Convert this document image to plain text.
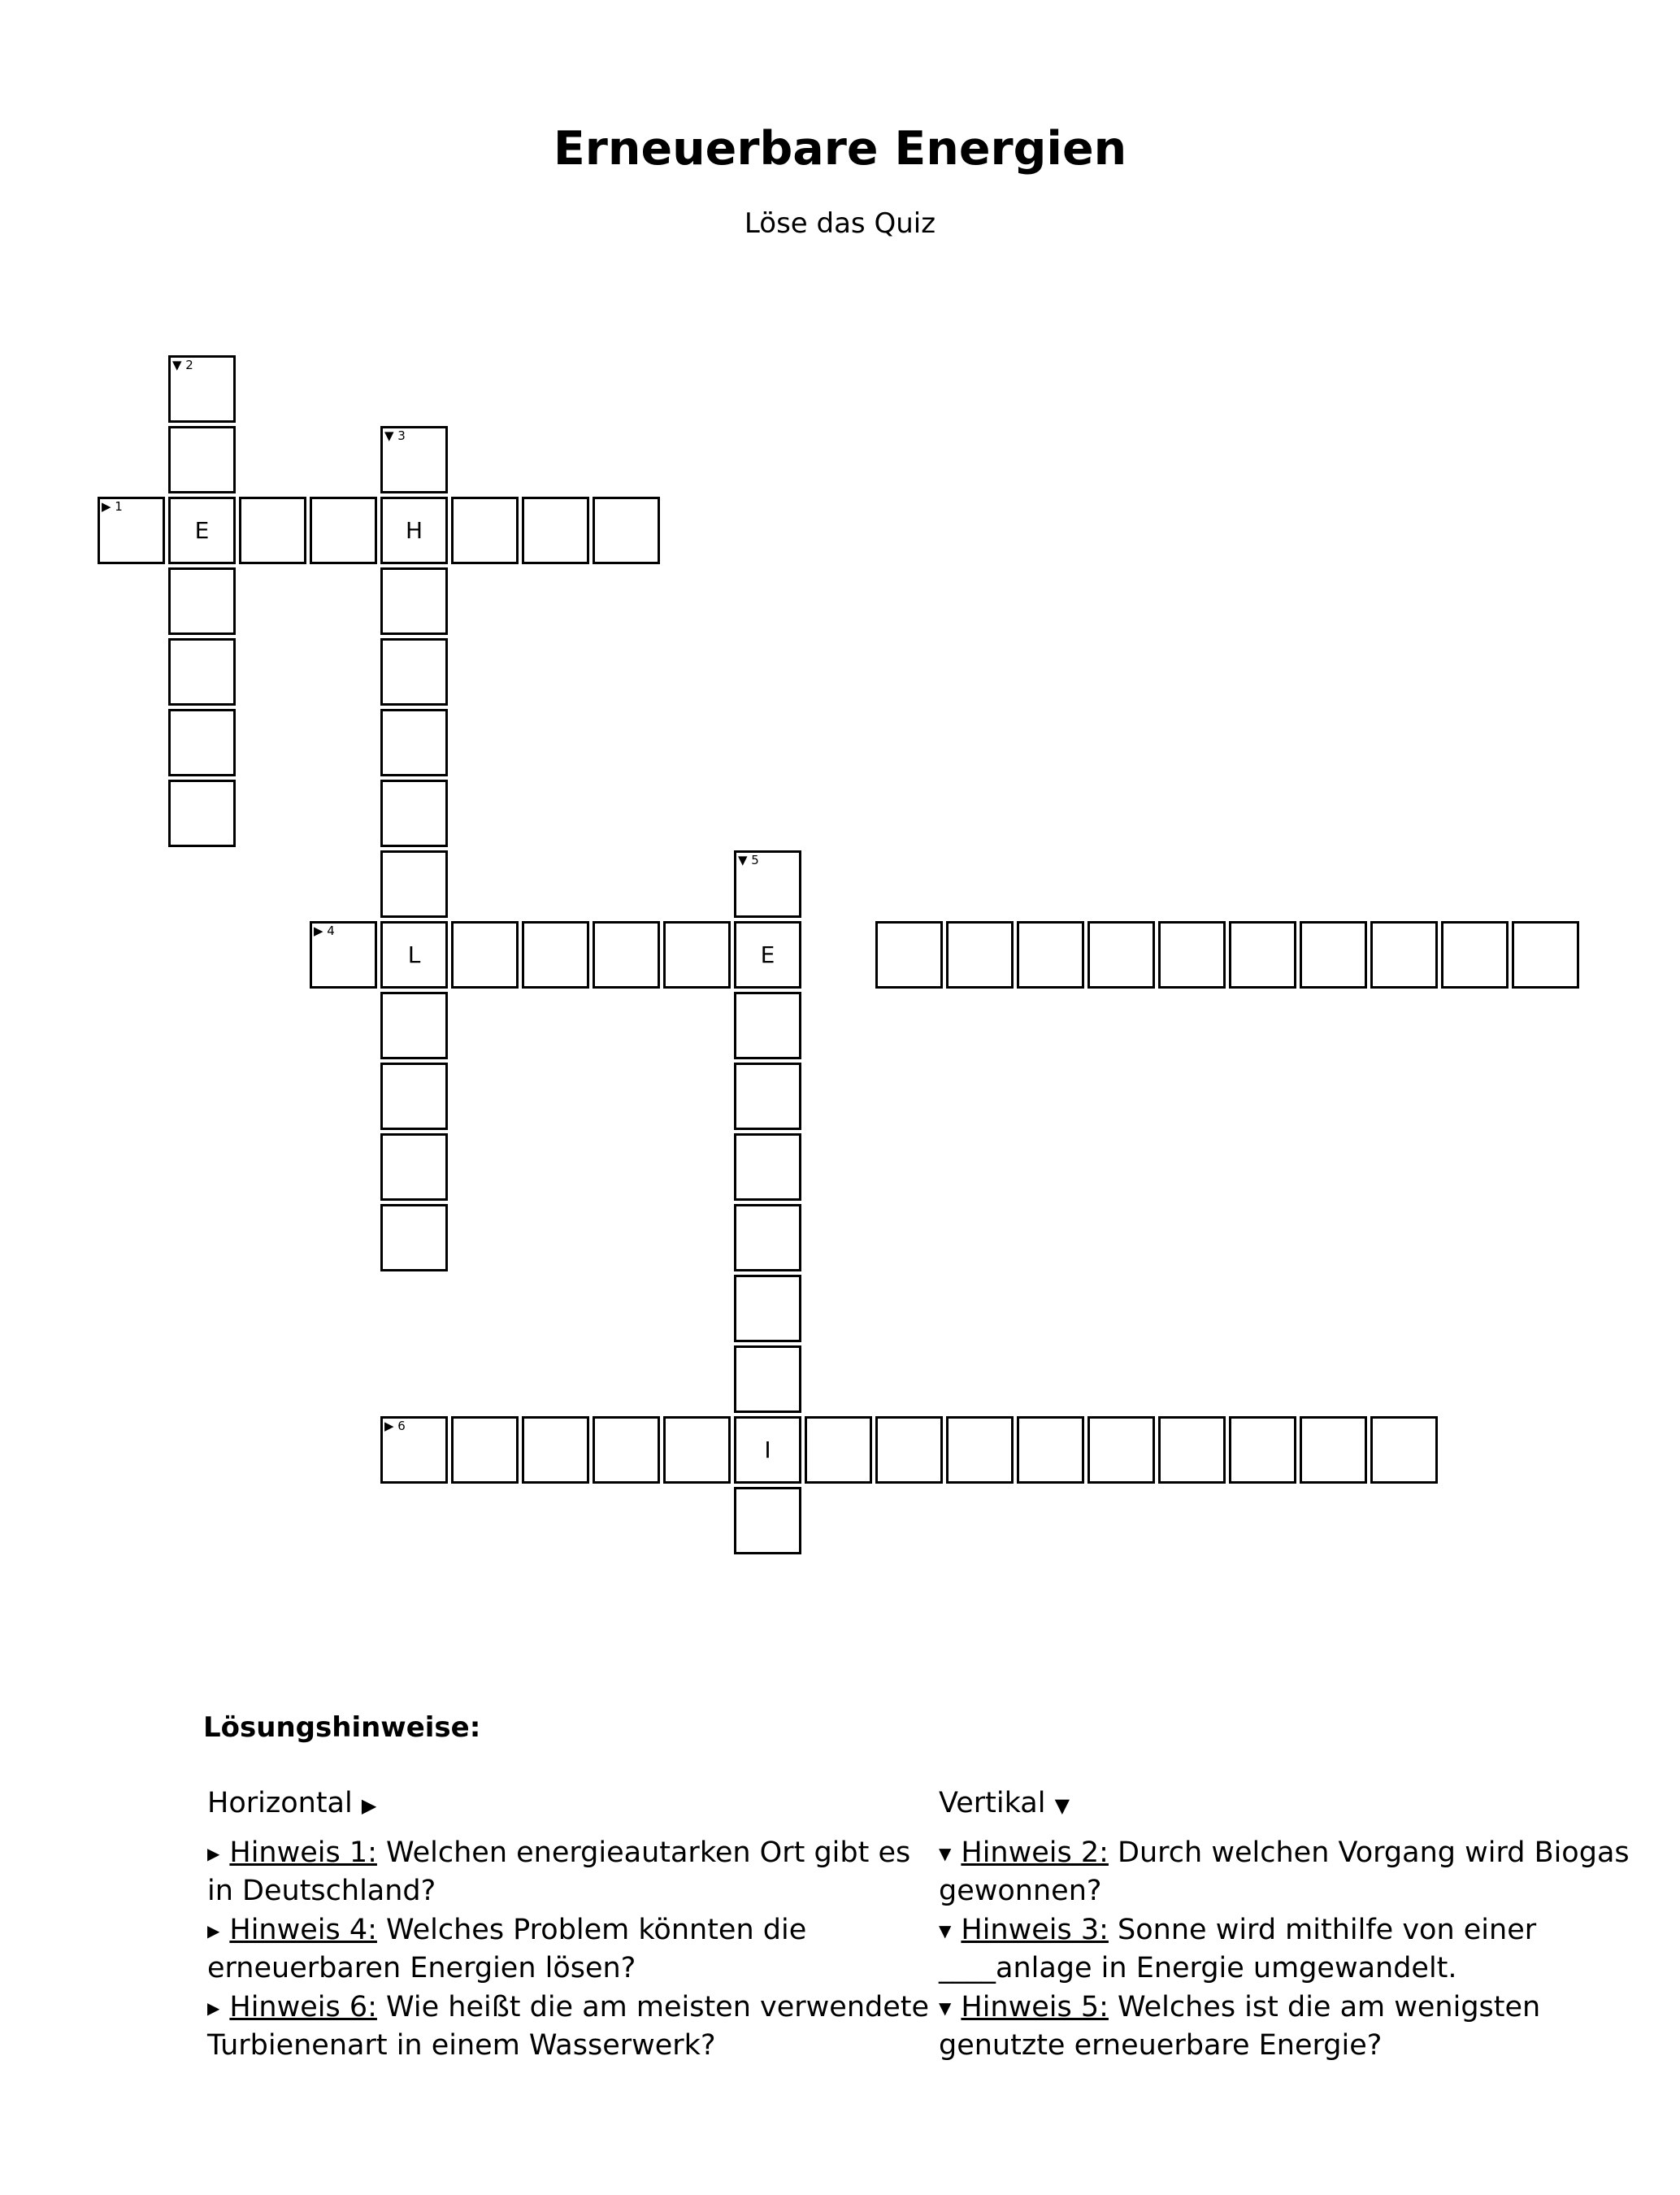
Erneuerbare Energien
Löse das Quiz
▼ 2
▼ 3
▶ 1
E	H
▼ 5
▶ 4
L	E
▶ 6
I
Lösungshinweise:
Horizontal ▶
▶ Hinweis 1: Welchen energieautarken Ort gibt es in Deutschland?
▶ Hinweis 4: Welches Problem könnten die erneuerbaren Energien lösen?
▶ Hinweis 6: Wie heißt die am meisten verwendete Turbienenart in einem Wasserwerk?
Vertikal ▼
▼ Hinweis 2: Durch welchen Vorgang wird Biogas gewonnen?
▼ Hinweis 3: Sonne wird mithilfe von einer ____anlage in Energie umgewandelt.
▼ Hinweis 5: Welches ist die am wenigsten genutzte erneuerbare Energie?
